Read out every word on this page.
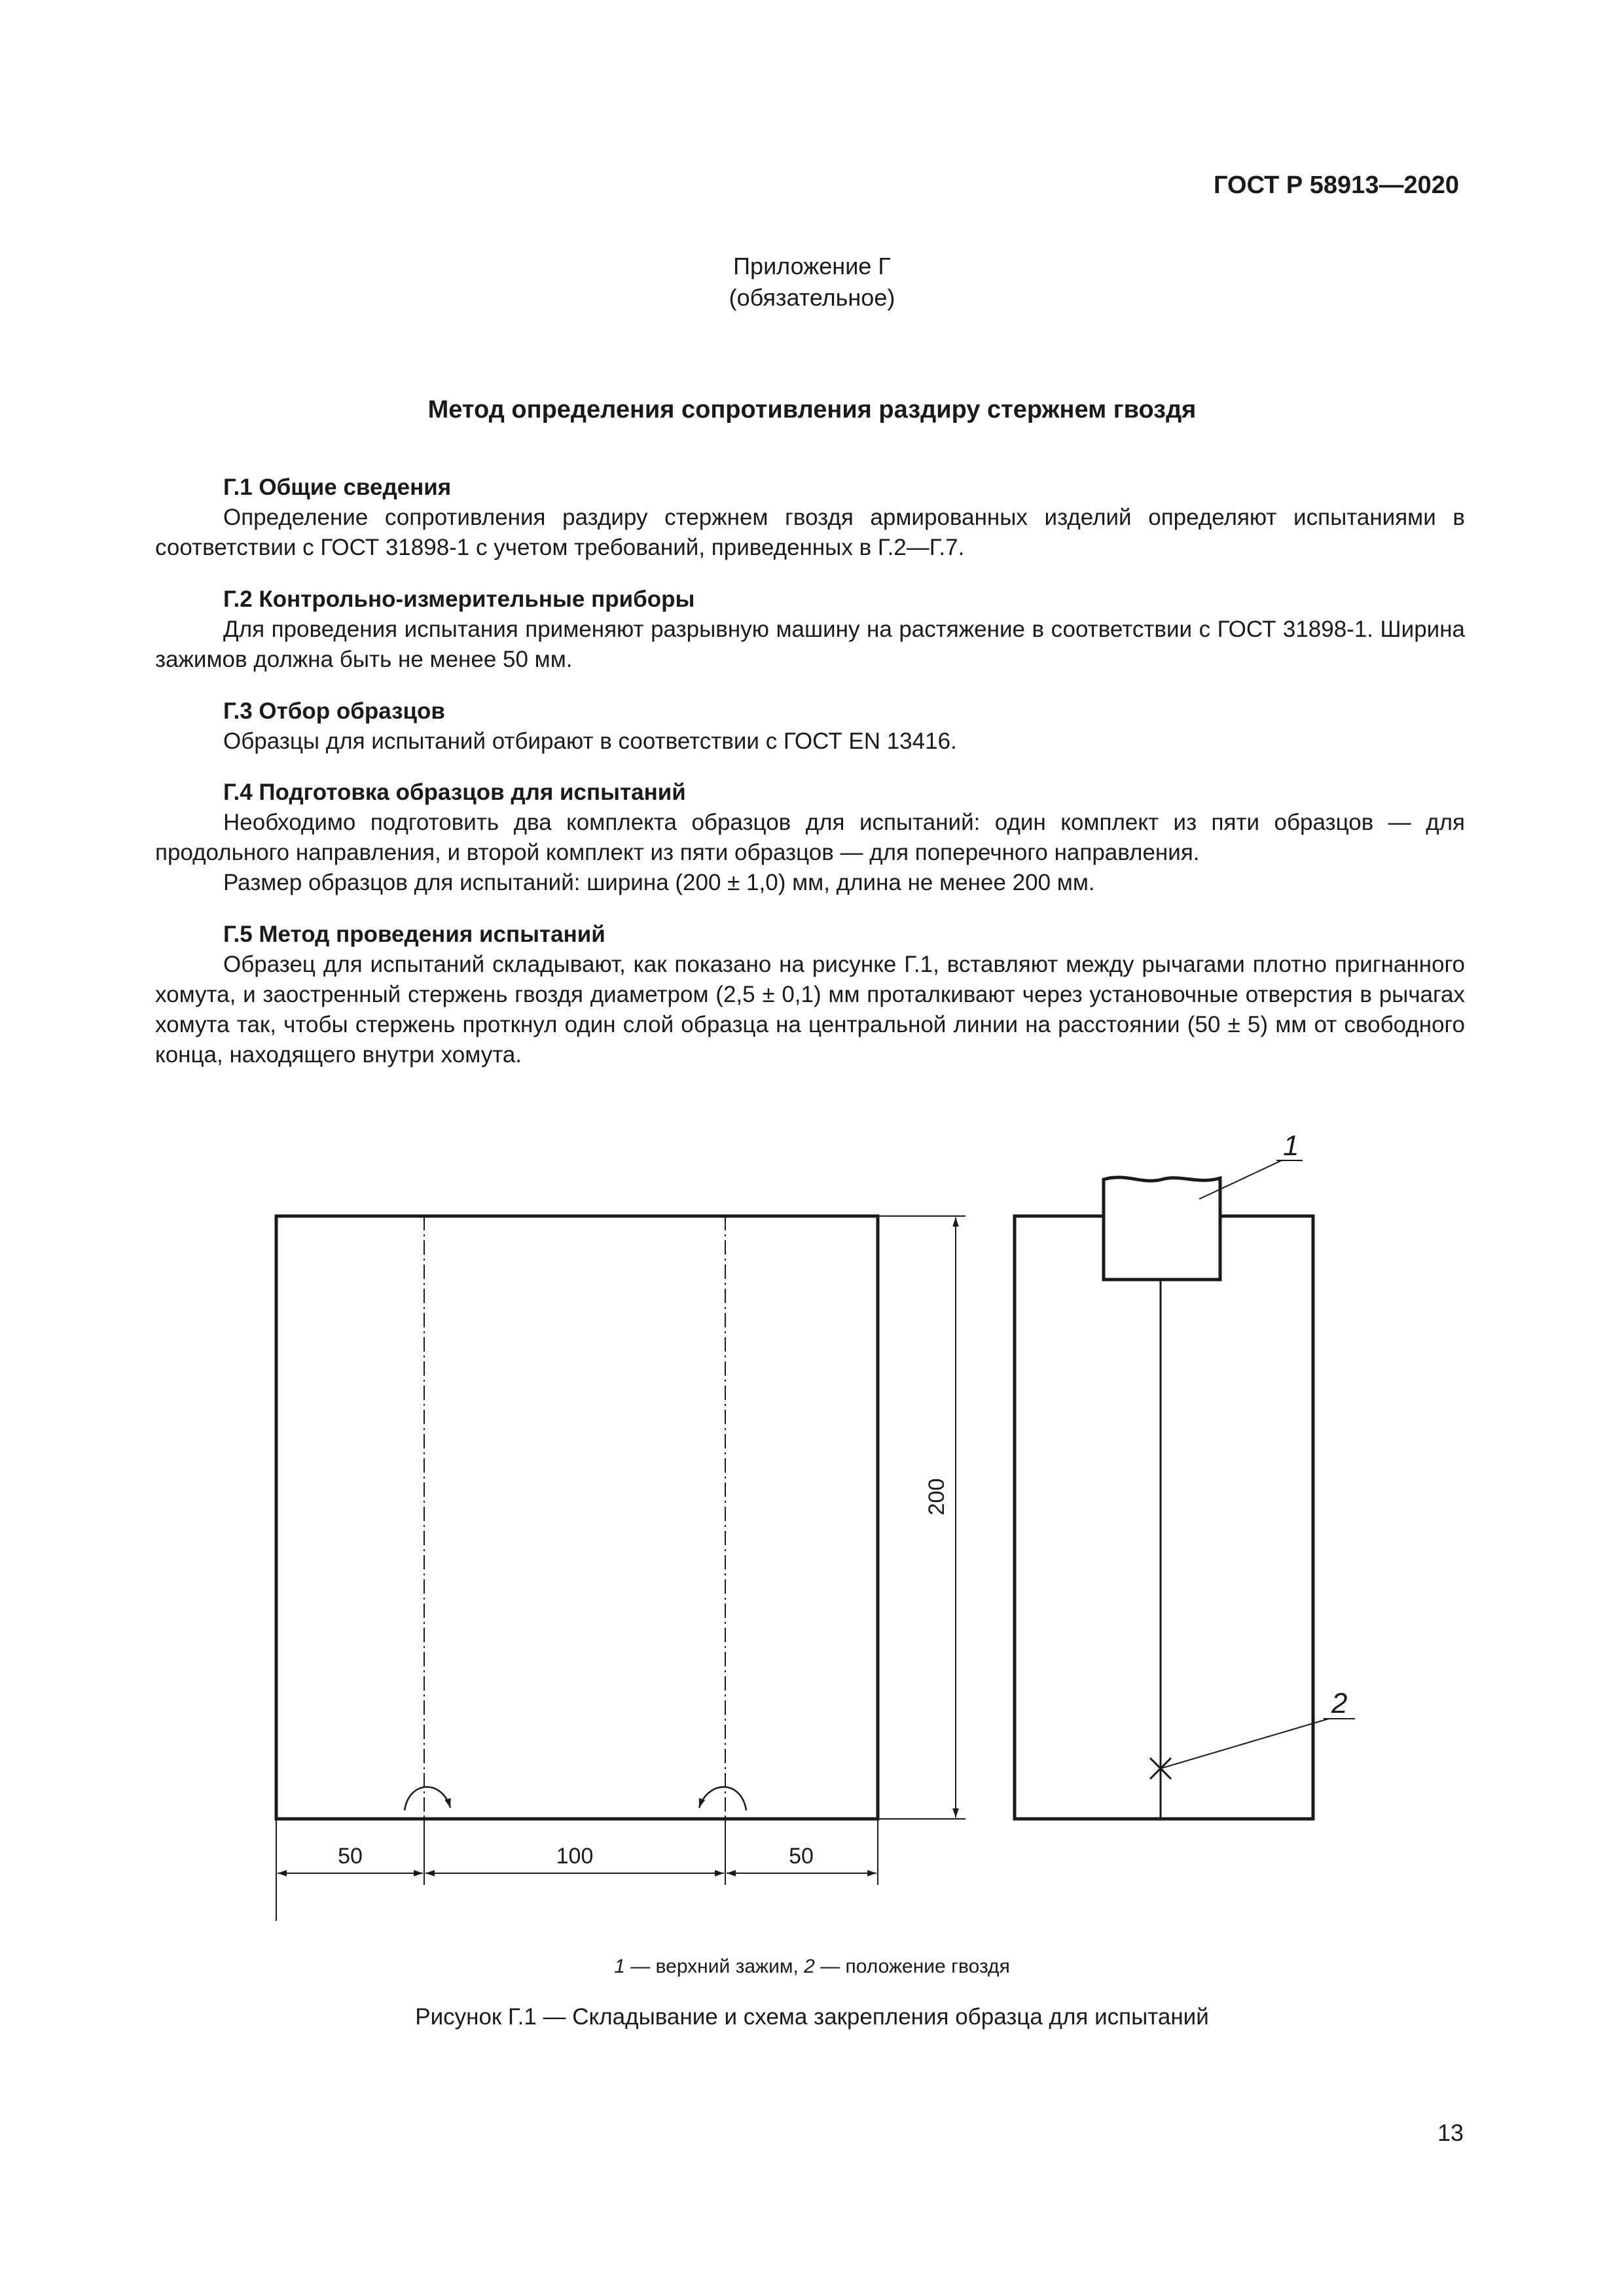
ГОСТ Р 58913—2020
Приложение Г
(обязательное)
Метод определения сопротивления раздиру стержнем гвоздя
Г.1 Общие сведения

Определение сопротивления раздиру стержнем гвоздя армированных изделий определяют испытаниями в соответствии с ГОСТ 31898-1 с учетом требований, приведенных в Г.2—Г.7.

Г.2 Контрольно-измерительные приборы

Для проведения испытания применяют разрывную машину на растяжение в соответствии с ГОСТ 31898-1. Ширина зажимов должна быть не менее 50 мм.

Г.3 Отбор образцов

Образцы для испытаний отбирают в соответствии с ГОСТ EN 13416.

Г.4 Подготовка образцов для испытаний

Необходимо подготовить два комплекта образцов для испытаний: один комплект из пяти образцов — для продольного направления, и второй комплект из пяти образцов — для поперечного направления.

Размер образцов для испытаний: ширина (200 ± 1,0) мм, длина не менее 200 мм.

Г.5 Метод проведения испытаний

Образец для испытаний складывают, как показано на рисунке Г.1, вставляют между рычагами плотно пригнанного хомута, и заостренный стержень гвоздя диаметром (2,5 ± 0,1) мм проталкивают через установочные отверстия в рычагах хомута так, чтобы стержень проткнул один слой образца на центральной линии на расстоянии (50 ± 5) мм от свободного конца, находящего внутри хомута.

200
50	100	50
1
2
1 — верхний зажим, 2 — положение гвоздя
Рисунок Г.1 — Складывание и схема закрепления образца для испытаний
13
